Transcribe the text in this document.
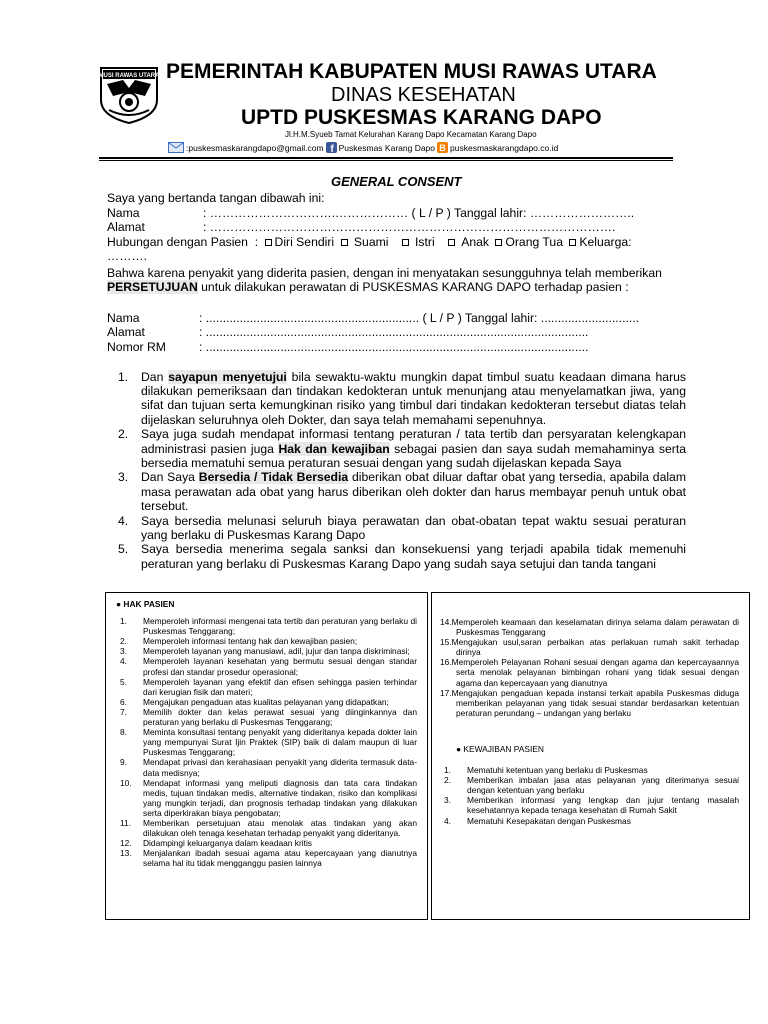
MUSI RAWAS UTARA PEMERINTAH KABUPATEN MUSI RAWAS UTARA
DINAS KESEHATAN
UPTD PUSKESMAS KARANG DAPO
Jl.H.M.Syueb Tamat Kelurahan Karang Dapo Kecamatan Karang Dapo
:puskesmaskarangdapo@gmail.com f Puskesmas Karang Dapo B puskesmaskarangdapo.co.id
GENERAL CONSENT
Saya yang bertanda tangan dibawah ini:
Nama	: ………………………….……………… ( L / P ) Tanggal lahir: ……………………..
Alamat	: ……………………………………………………………………………………….
Hubungan dengan Pasien  : Diri Sendiri Suami Istri Anak Orang Tua Keluarga:
……….
Bahwa karena penyakit yang diderita pasien, dengan ini menyatakan sesungguhnya telah memberikan
PERSETUJUAN untuk dilakukan perawatan di PUSKESMAS KARANG DAPO terhadap pasien :
Nama	: ............................................................... ( L / P ) Tanggal lahir: .............................
Alamat	: .................................................................................................................
Nomor RM	: .................................................................................................................
1. Dan sayapun menyetujui bila sewaktu-waktu mungkin dapat timbul suatu keadaan dimana harus dilakukan pemeriksaan dan tindakan kedokteran untuk menunjang atau menyelamatkan jiwa, yang sifat dan tujuan serta kemungkinan risiko yang timbul dari tindakan kedokteran tersebut diatas telah dijelaskan seluruhnya oleh Dokter, dan saya telah memahami sepenuhnya.
2. Saya juga sudah mendapat informasi tentang peraturan / tata tertib dan persyaratan kelengkapan administrasi pasien juga Hak dan kewajiban sebagai pasien dan saya sudah memahaminya serta bersedia mematuhi semua peraturan sesuai dengan yang sudah dijelaskan kepada Saya
3. Dan Saya Bersedia / Tidak Bersedia diberikan obat diluar daftar obat yang tersedia, apabila dalam masa perawatan ada obat yang harus diberikan oleh dokter dan harus membayar penuh untuk obat tersebut.
4. Saya bersedia melunasi seluruh biaya perawatan dan obat-obatan tepat waktu sesuai peraturan yang berlaku di Puskesmas Karang Dapo
5. Saya bersedia menerima segala sanksi dan konsekuensi yang terjadi apabila tidak memenuhi peraturan yang berlaku di Puskesmas Karang Dapo yang sudah saya setujui dan tanda tangani
● HAK PASIEN
1. Memperoleh informasi mengenai tata tertib dan peraturan yang berlaku di Puskesmas Tenggarang;
2. Memperoleh informasi tentang hak dan kewajiban pasien;
3. Memperoleh layanan yang manusiawi, adil, jujur dan tanpa diskriminasi;
4. Memperoleh layanan kesehatan yang bermutu sesuai dengan standar profesi dan standar prosedur operasional;
5. Memperoleh layanan yang efektif dan efisen sehingga pasien terhindar dari kerugian fisik dan materi;
6. Mengajukan pengaduan atas kualitas pelayanan yang didapatkan;
7. Memilih dokter dan kelas perawat sesuai yang diinginkannya dan peraturan yang berlaku di Puskesmas Tenggarang;
8. Meminta konsultasi tentang penyakit yang dideritanya kepada dokter lain yang mempunyai Surat Ijin Praktek (SIP) baik di dalam maupun di luar Puskesmas Tenggarang;
9. Mendapat privasi dan kerahasiaan penyakit yang diderita termasuk data-data medisnya;
10. Mendapat informasi yang meliputi diagnosis dan tata cara tindakan medis, tujuan tindakan medis, alternative tindakan, risiko dan komplikasi yang mungkin terjadi, dan prognosis terhadap tindakan yang dilakukan serta diperkirakan biaya pengobatan;
11. Memberikan persetujuan atau menolak atas tindakan yang akan dilakukan oleh tenaga kesehatan terhadap penyakit yang dideritanya.
12. Didampingi keluarganya dalam keadaan kritis
13. Menjalankan ibadah sesuai agama atau kepercayaan yang dianutnya selama hal itu tidak mengganggu pasien lainnya
14.Memperoleh keamaan dan keselamatan dirinya selama dalam perawatan di Puskesmas Tenggarang
15.Mengajukan usul,saran perbaikan atas perlakuan rumah sakit terhadap dirinya
16.Memperoleh Pelayanan Rohani sesuai dengan agama dan kepercayaannya serta menolak pelayanan bimbingan rohani yang tidak sesuai dengan agama dan kepercayaan yang dianutnya
17.Mengajukan pengaduan kepada instansi terkait apabila Puskesmas diduga memberikan pelayanan yang tidak sesuai standar berdasarkan ketentuan peraturan perundang – undangan yang berlaku
● KEWAJIBAN PASIEN
1. Mematuhi ketentuan yang berlaku di Puskesmas
2. Memberikan imbalan jasa atas pelayanan yang diterimanya sesuai dengan ketentuan yang berlaku
3. Memberikan informasi yang lengkap dan jujur tentang masalah kesehatannya kepada tenaga kesehatan di Rumah Sakit
4. Mematuhi Kesepakatan dengan Puskesmas
